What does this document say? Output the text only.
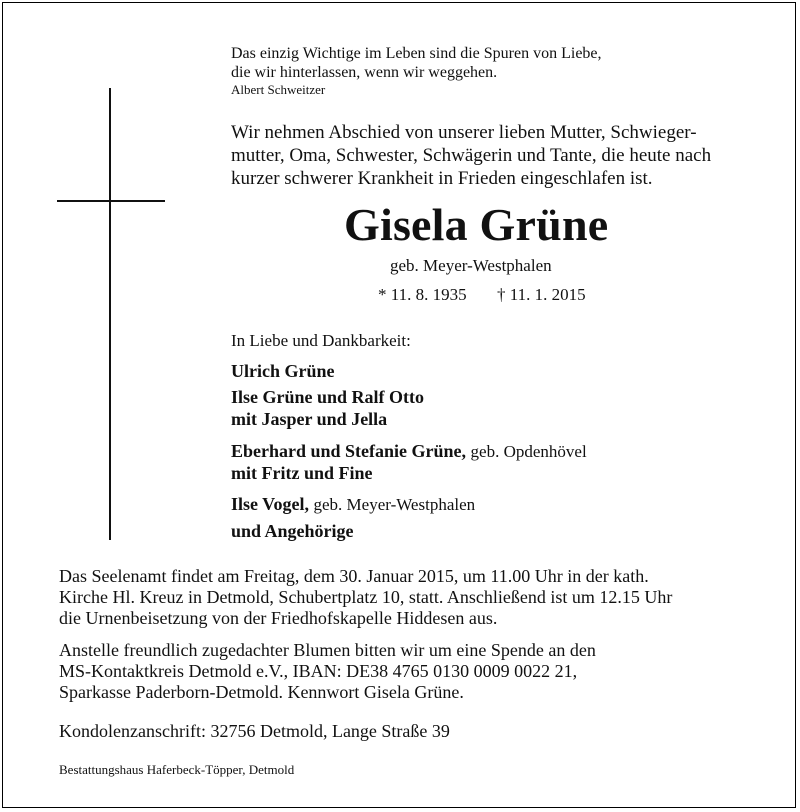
Das einzig Wichtige im Leben sind die Spuren von Liebe,
die wir hinterlassen, wenn wir weggehen.
Albert Schweitzer
Wir nehmen Abschied von unserer lieben Mutter, Schwieger-
mutter, Oma, Schwester, Schwägerin und Tante, die heute nach
kurzer schwerer Krankheit in Frieden eingeschlafen ist.
Gisela Grüne
geb. Meyer-Westphalen
* 11. 8. 1935 † 11. 1. 2015
In Liebe und Dankbarkeit:
Ulrich Grüne
Ilse Grüne und Ralf Otto
mit Jasper und Jella
Eberhard und Stefanie Grüne, geb. Opdenhövel
mit Fritz und Fine
Ilse Vogel, geb. Meyer-Westphalen
und Angehörige
Das Seelenamt findet am Freitag, dem 30. Januar 2015, um 11.00 Uhr in der kath.
Kirche Hl. Kreuz in Detmold, Schubertplatz 10, statt. Anschließend ist um 12.15 Uhr
die Urnenbeisetzung von der Friedhofskapelle Hiddesen aus.
Anstelle freundlich zugedachter Blumen bitten wir um eine Spende an den
MS-Kontaktkreis Detmold e.V., IBAN: DE38 4765 0130 0009 0022 21,
Sparkasse Paderborn-Detmold. Kennwort Gisela Grüne.
Kondolenzanschrift: 32756 Detmold, Lange Straße 39
Bestattungshaus Haferbeck-Töpper, Detmold
